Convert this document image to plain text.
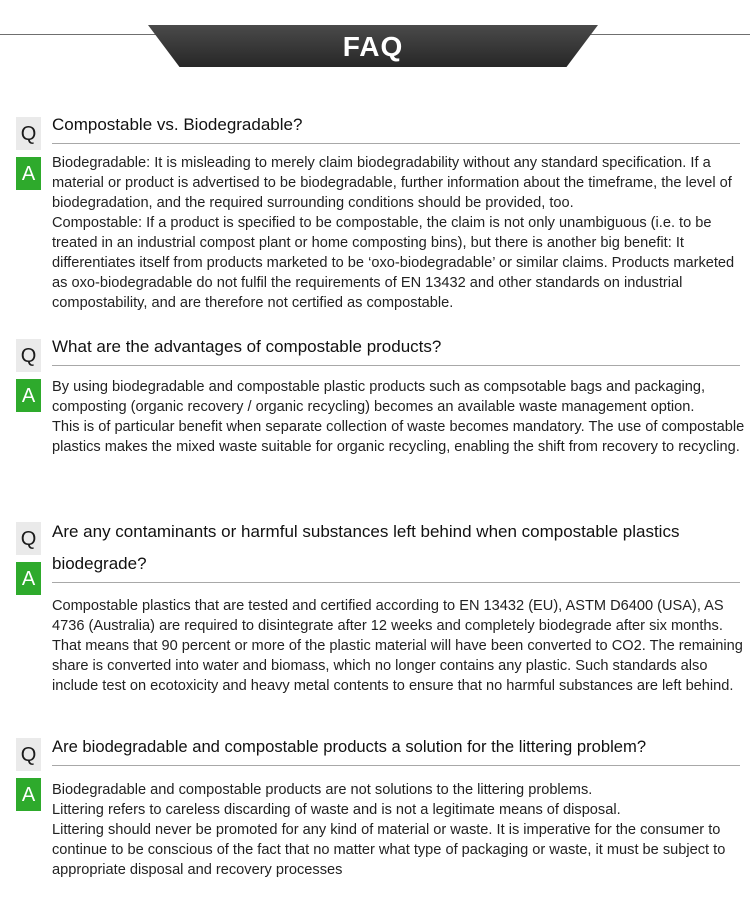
FAQ
Q
A
Compostable vs. Biodegradable?

Biodegradable: It is misleading to merely claim biodegradability without any standard specification. If a material or product is advertised to be biodegradable, further information about the timeframe, the level of biodegradation, and the required surrounding conditions should be provided, too.

Compostable: If a product is specified to be compostable, the claim is not only unambiguous (i.e. to be treated in an industrial compost plant or home composting bins), but there is another big benefit: It differentiates itself from products marketed to be ‘oxo-biodegradable’ or similar claims. Products marketed as oxo-biodegradable do not fulfil the requirements of EN 13432 and other standards on industrial compostability, and are therefore not certified as compostable.

Q
A
What are the advantages of compostable products?

By using biodegradable and compostable plastic products such as compsotable bags and packaging, composting (organic recovery / organic recycling) becomes an available waste management option.

This is of particular benefit when separate collection of waste becomes mandatory. The use of compostable plastics makes the mixed waste suitable for organic recycling, enabling the shift from recovery to recycling.

Q
A
Are any contaminants or harmful substances left behind when compostable plastics biodegrade?

Compostable plastics that are tested and certified according to EN 13432 (EU), ASTM D6400 (USA), AS 4736 (Australia) are required to disintegrate after 12 weeks and completely biodegrade after six months. That means that 90 percent or more of the plastic material will have been converted to CO2. The remaining share is converted into water and biomass, which no longer contains any plastic. Such standards also include test on ecotoxicity and heavy metal contents to ensure that no harmful substances are left behind.

Q
A
Are biodegradable and compostable products a solution for the littering problem?

Biodegradable and compostable products are not solutions to the littering problems.

Littering refers to careless discarding of waste and is not a legitimate means of disposal.

Littering should never be promoted for any kind of material or waste. It is imperative for the consumer to continue to be conscious of the fact that no matter what type of packaging or waste, it must be subject to appropriate disposal and recovery processes
